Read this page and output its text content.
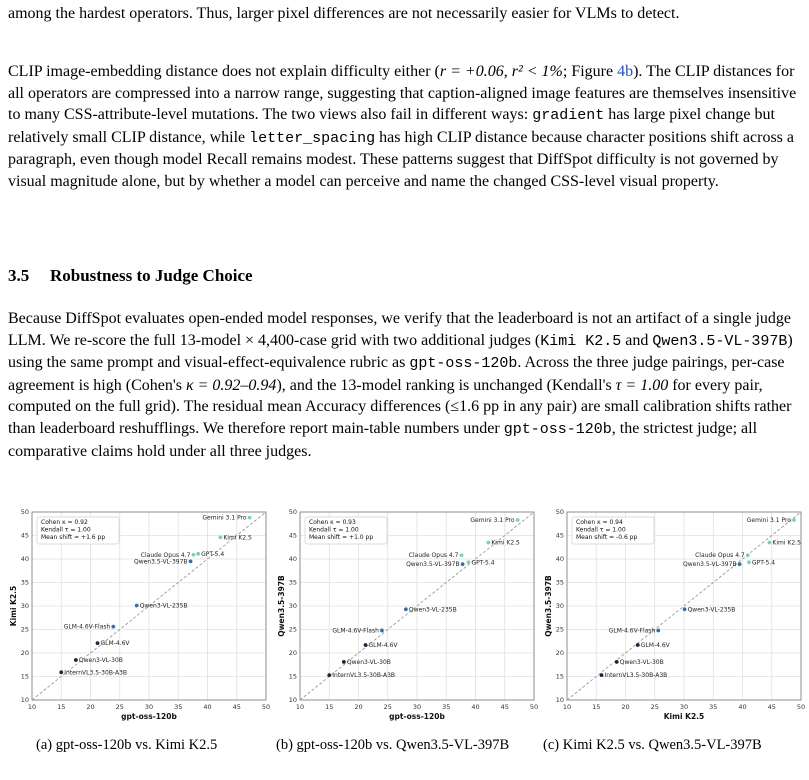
among the hardest operators. Thus, larger pixel differences are not necessarily easier for VLMs to detect.

CLIP image-embedding distance does not explain difficulty either (r = +0.06, r² < 1%; Figure 4b). The CLIP distances for all operators are compressed into a narrow range, suggesting that caption-aligned image features are themselves insensitive to many CSS-attribute-level mutations. The two views also fail in different ways: gradient has large pixel change but relatively small CLIP distance, while letter_spacing has high CLIP distance because character positions shift across a paragraph, even though model Recall remains modest. These patterns suggest that DiffSpot difficulty is not governed by visual magnitude alone, but by whether a model can perceive and name the changed CSS-level visual property.

3.5 Robustness to Judge Choice

Because DiffSpot evaluates open-ended model responses, we verify that the leaderboard is not an artifact of a single judge LLM. We re-score the full 13-model × 4,400-case grid with two additional judges (Kimi K2.5 and Qwen3.5-VL-397B) using the same prompt and visual-effect-equivalence rubric as gpt-oss-120b. Across the three judge pairings, per-case agreement is high (Cohen's κ = 0.92–0.94), and the 13-model ranking is unchanged (Kendall's τ = 1.00 for every pair, computed on the full grid). The residual mean Accuracy differences (≤1.6 pp in any pair) are small calibration shifts rather than leaderboard reshufflings. We therefore report main-table numbers under gpt-oss-120b, the strictest judge; all comparative claims hold under all three judges.

10	15	20	25	30	35	40	45	50
10
15
20
25
30
35
40
45
50
gpt-oss-120b
Kimi K2.5
Cohen κ = 0.92
Kendall τ = 1.00
Mean shift = +1.6 pp
Gemini 3.1 Pro
Kimi K2.5
Claude Opus 4.7 GPT-5.4
Qwen3.5-VL-397B
Qwen3-VL-235B
GLM-4.6V-Flash
GLM-4.6V
Qwen3-VL-30B
InternVL3.5-30B-A3B
10	15	20	25	30	35	40	45	50
10
15
20
25
30
35
40
45
50
gpt-oss-120b
Qwen3.5-397B
Cohen κ = 0.93
Kendall τ = 1.00
Mean shift = +1.0 pp
Gemini 3.1 Pro
Kimi K2.5
Claude Opus 4.7
GPT-5.4
Qwen3.5-VL-397B
Qwen3-VL-235B
GLM-4.6V-Flash
GLM-4.6V
Qwen3-VL-30B
InternVL3.5-30B-A3B
10	15	20	25	30	35	40	45	50
10
15
20
25
30
35
40
45
50
Kimi K2.5
Qwen3.5-397B
Cohen κ = 0.94
Kendall τ = 1.00
Mean shift = -0.6 pp
Gemini 3.1 Pro
Kimi K2.5
Claude Opus 4.7
GPT-5.4
Qwen3.5-VL-397B
Qwen3-VL-235B
GLM-4.6V-Flash
GLM-4.6V
Qwen3-VL-30B
InternVL3.5-30B-A3B

(a) gpt-oss-120b vs. Kimi K2.5	(b) gpt-oss-120b vs. Qwen3.5-VL-397B	(c) Kimi K2.5 vs. Qwen3.5-VL-397B
